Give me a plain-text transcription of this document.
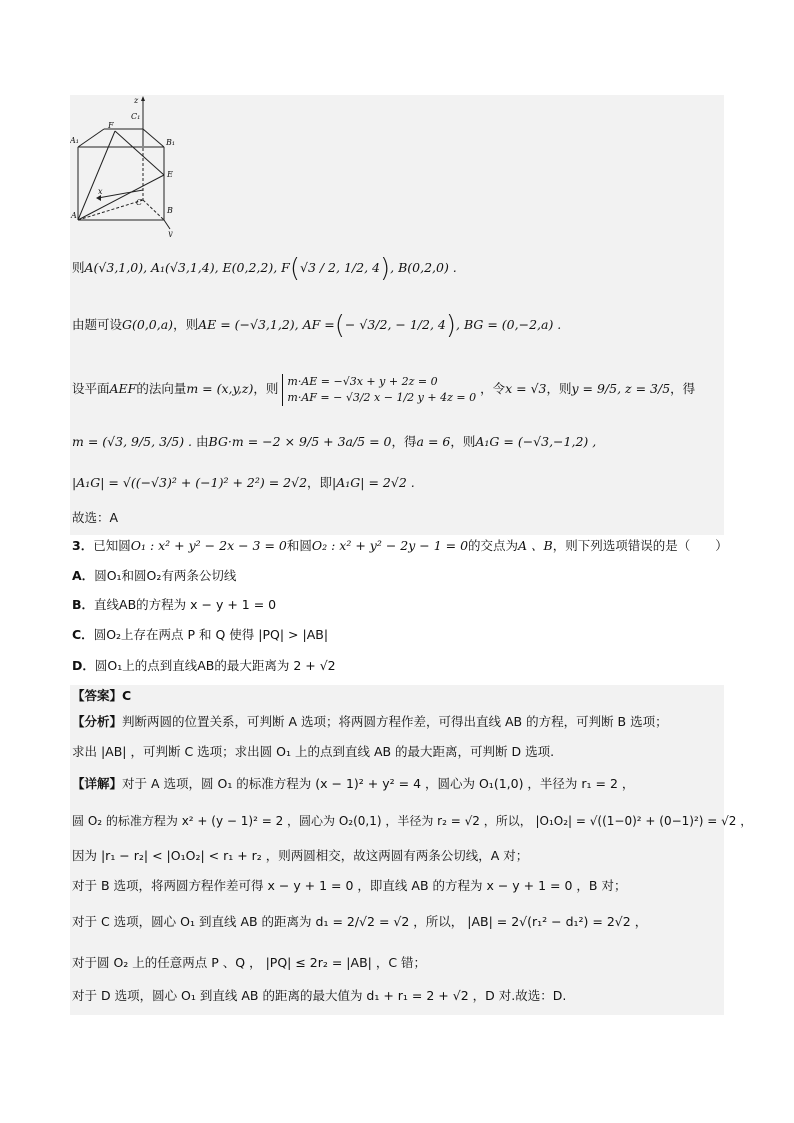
z
C₁
A₁
F
B₁
E
x
C
A
B
y
则A(√3,1,0), A₁(√3,1,4), E(0,2,2), F(√3 / 2, 1/2, 4), B(0,2,0) .
由题可设G(0,0,a)，则AE = (−√3,1,2), AF =(− √3/2, − 1/2, 4), BG = (0,−2,a) .
设平面AEF的法向量m = (x,y,z)，则 m·AE = −√3x + y + 2z = 0
m·AF = − √3/2 x − 1/2 y + 4z = 0
，令x = √3，则y = 9/5, z = 3/5，得
m = (√3, 9/5, 3/5) . 由BG·m = −2 × 9/5 + 3a/5 = 0，得a = 6，则A₁G = (−√3,−1,2) ,
|A₁G| = √((−√3)² + (−1)² + 2²) = 2√2，即|A₁G| = 2√2 .
故选：A
3．已知圆O₁ : x² + y² − 2x − 3 = 0和圆O₂ : x² + y² − 2y − 1 = 0的交点为A 、B，则下列选项错误的是（　　）
A．圆O₁和圆O₂有两条公切线
B．直线AB的方程为 x − y + 1 = 0
C．圆O₂上存在两点 P 和 Q 使得 |PQ| > |AB|
D．圆O₁上的点到直线AB的最大距离为 2 + √2
【答案】C
【分析】判断两圆的位置关系，可判断 A 选项；将两圆方程作差，可得出直线 AB 的方程，可判断 B 选项；
求出 |AB| ，可判断 C 选项；求出圆 O₁ 上的点到直线 AB 的最大距离，可判断 D 选项.
【详解】对于 A 选项，圆 O₁ 的标准方程为 (x − 1)² + y² = 4 ，圆心为 O₁(1,0) ，半径为 r₁ = 2 ，
圆 O₂ 的标准方程为 x² + (y − 1)² = 2 ，圆心为 O₂(0,1) ，半径为 r₂ = √2 ，所以， |O₁O₂| = √((1−0)² + (0−1)²) = √2 ，
因为 |r₁ − r₂| < |O₁O₂| < r₁ + r₂ ，则两圆相交，故这两圆有两条公切线，A 对；
对于 B 选项，将两圆方程作差可得 x − y + 1 = 0 ，即直线 AB 的方程为 x − y + 1 = 0 ，B 对；
对于 C 选项，圆心 O₁ 到直线 AB 的距离为 d₁ = 2/√2 = √2 ，所以， |AB| = 2√(r₁² − d₁²) = 2√2 ，
对于圆 O₂ 上的任意两点 P 、Q ， |PQ| ≤ 2r₂ = |AB| ，C 错；
对于 D 选项，圆心 O₁ 到直线 AB 的距离的最大值为 d₁ + r₁ = 2 + √2 ，D 对.故选：D.
